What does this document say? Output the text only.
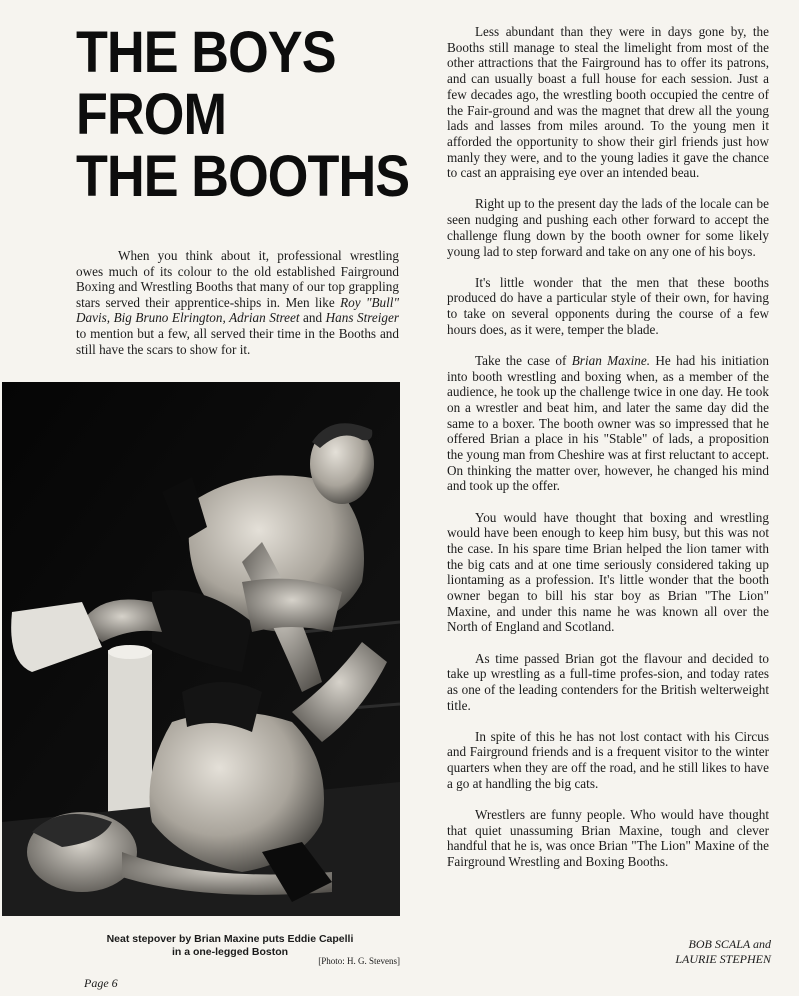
THE BOYS
FROM
THE BOOTHS

When you think about it, professional wrestling owes much of its colour to the old established Fairground Boxing and Wrestling Booths that many of our top grappling stars served their apprentice-ships in. Men like Roy "Bull" Davis, Big Bruno Elrington, Adrian Street and Hans Streiger to mention but a few, all served their time in the Booths and still have the scars to show for it.

Neat stepover by Brian Maxine puts Eddie Capelli
in a one-legged Boston
[Photo: H. G. Stevens]
Page 6

Less abundant than they were in days gone by, the Booths still manage to steal the limelight from most of the other attractions that the Fairground has to offer its patrons, and can usually boast a full house for each session. Just a few decades ago, the wrestling booth occupied the centre of the Fair-ground and was the magnet that drew all the young lads and lasses from miles around. To the young men it afforded the opportunity to show their girl friends just how manly they were, and to the young ladies it gave the chance to cast an appraising eye over an intended beau.

Right up to the present day the lads of the locale can be seen nudging and pushing each other forward to accept the challenge flung down by the booth owner for some likely young lad to step forward and take on any one of his boys.

It's little wonder that the men that these booths produced do have a particular style of their own, for having to take on several opponents during the course of a few hours does, as it were, temper the blade.

Take the case of Brian Maxine. He had his initiation into booth wrestling and boxing when, as a member of the audience, he took up the challenge twice in one day. He took on a wrestler and beat him, and later the same day did the same to a boxer. The booth owner was so impressed that he offered Brian a place in his "Stable" of lads, a proposition the young man from Cheshire was at first reluctant to accept. On thinking the matter over, however, he changed his mind and took up the offer.

You would have thought that boxing and wrestling would have been enough to keep him busy, but this was not the case. In his spare time Brian helped the lion tamer with the big cats and at one time seriously considered taking up liontaming as a profession. It's little wonder that the booth owner began to bill his star boy as Brian "The Lion" Maxine, and under this name he was known all over the North of England and Scotland.

As time passed Brian got the flavour and decided to take up wrestling as a full-time profes-sion, and today rates as one of the leading contenders for the British welterweight title.

In spite of this he has not lost contact with his Circus and Fairground friends and is a frequent visitor to the winter quarters when they are off the road, and he still likes to have a go at handling the big cats.

Wrestlers are funny people. Who would have thought that quiet unassuming Brian Maxine, tough and clever handful that he is, was once Brian "The Lion" Maxine of the Fairground Wrestling and Boxing Booths.

BOB SCALA and
LAURIE STEPHEN
